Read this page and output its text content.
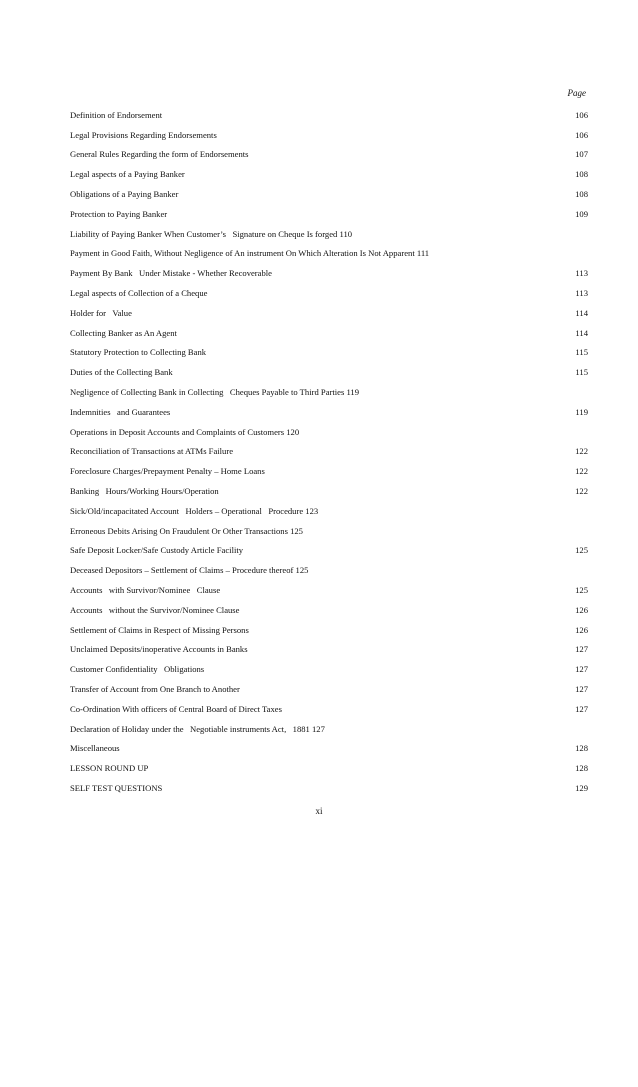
Page
Definition of Endorsement	106
Legal Provisions Regarding Endorsements	106
General Rules Regarding the form of Endorsements	107
Legal aspects of a Paying Banker	108
Obligations of a Paying Banker	108
Protection to Paying Banker	109
Liability of Paying Banker When Customer’s   Signature on Cheque Is forged 110
Payment in Good Faith, Without Negligence of An instrument On Which Alteration Is Not Apparent 111
Payment By Bank   Under Mistake - Whether Recoverable	113
Legal aspects of Collection of a Cheque	113
Holder for   Value	114
Collecting Banker as An Agent	114
Statutory Protection to Collecting Bank	115
Duties of the Collecting Bank	115
Negligence of Collecting Bank in Collecting   Cheques Payable to Third Parties 119
Indemnities   and Guarantees	119
Operations in Deposit Accounts and Complaints of Customers 120
Reconciliation of Transactions at ATMs Failure	122
Foreclosure Charges/Prepayment Penalty – Home Loans	122
Banking   Hours/Working Hours/Operation	122
Sick/Old/incapacitated Account   Holders – Operational   Procedure 123
Erroneous Debits Arising On Fraudulent Or Other Transactions 125
Safe Deposit Locker/Safe Custody Article Facility	125
Deceased Depositors – Settlement of Claims – Procedure thereof 125
Accounts   with Survivor/Nominee   Clause	125
Accounts   without the Survivor/Nominee Clause	126
Settlement of Claims in Respect of Missing Persons	126
Unclaimed Deposits/inoperative Accounts in Banks	127
Customer Confidentiality   Obligations	127
Transfer of Account from One Branch to Another	127
Co-Ordination With officers of Central Board of Direct Taxes	127
Declaration of Holiday under the   Negotiable instruments Act,   1881 127
Miscellaneous	128
LESSON ROUND UP	128
SELF TEST QUESTIONS	129
xi
